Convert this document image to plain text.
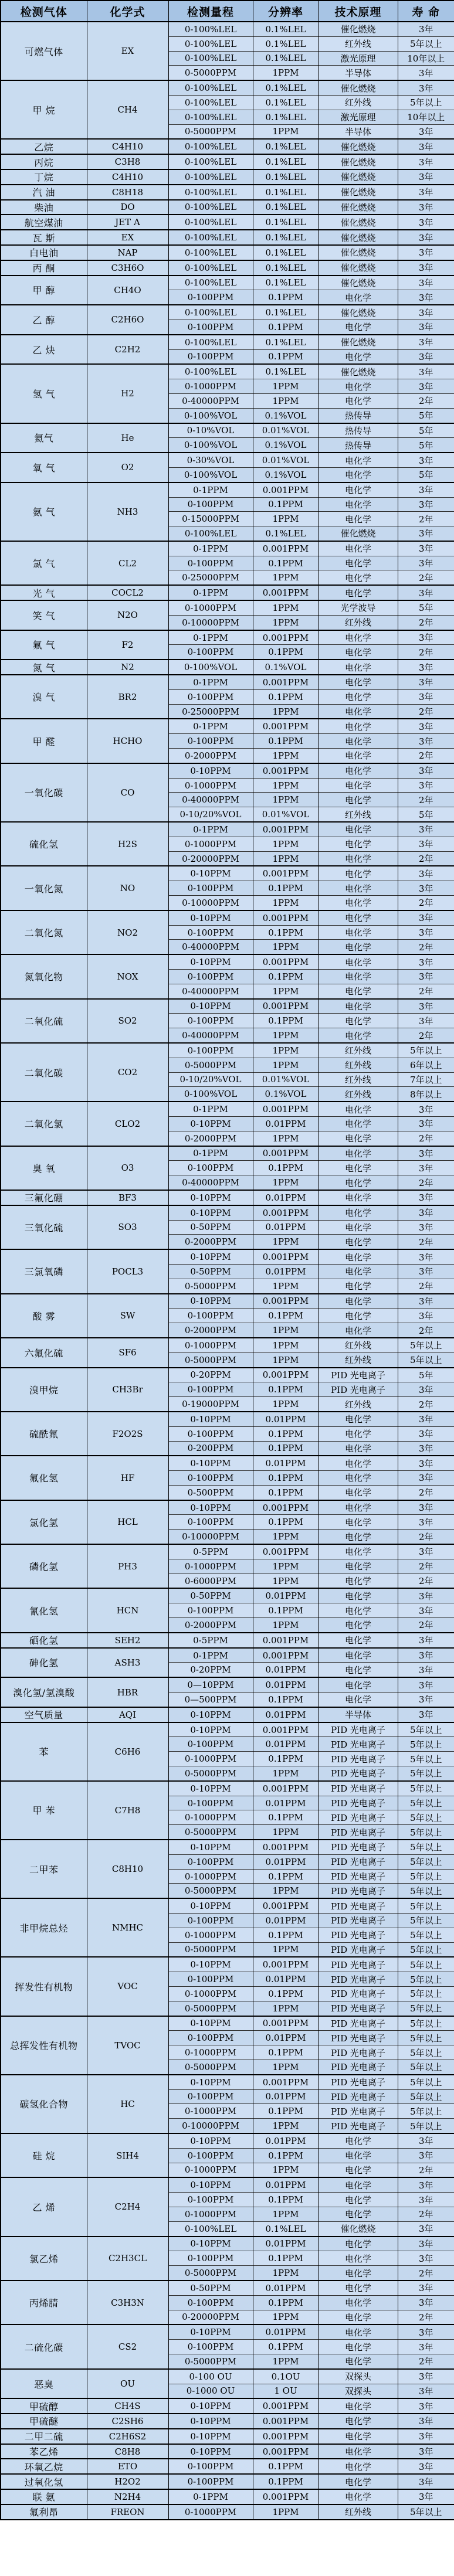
检测气体	化学式	检测量程	分辨率	技术原理	寿 命
可燃气体	EX	0-100%LEL	0.1%LEL	催化燃烧	3年
		0-100%LEL	0.1%LEL	红外线	5年以上
		0-100%LEL	0.1%LEL	激光原理	10年以上
		0-5000PPM	1PPM	半导体	3年
甲 烷	CH4	0-100%LEL	0.1%LEL	催化燃烧	3年
		0-100%LEL	0.1%LEL	红外线	5年以上
		0-100%LEL	0.1%LEL	激光原理	10年以上
		0-5000PPM	1PPM	半导体	3年
乙烷	C4H10	0-100%LEL	0.1%LEL	催化燃烧	3年
丙烷	C3H8	0-100%LEL	0.1%LEL	催化燃烧	3年
丁烷	C4H10	0-100%LEL	0.1%LEL	催化燃烧	3年
汽 油	C8H18	0-100%LEL	0.1%LEL	催化燃烧	3年
柴油	DO	0-100%LEL	0.1%LEL	催化燃烧	3年
航空煤油	JET A	0-100%LEL	0.1%LEL	催化燃烧	3年
瓦 斯	EX	0-100%LEL	0.1%LEL	催化燃烧	3年
白电油	NAP	0-100%LEL	0.1%LEL	催化燃烧	3年
丙 酮	C3H6O	0-100%LEL	0.1%LEL	催化燃烧	3年
甲 醇	CH4O	0-100%LEL	0.1%LEL	催化燃烧	3年
		0-100PPM	0.1PPM	电化学	3年
乙 醇	C2H6O	0-100%LEL	0.1%LEL	催化燃烧	3年
		0-100PPM	0.1PPM	电化学	3年
乙 炔	C2H2	0-100%LEL	0.1%LEL	催化燃烧	3年
		0-100PPM	0.1PPM	电化学	3年
氢 气	H2	0-100%LEL	0.1%LEL	催化燃烧	3年
		0-1000PPM	1PPM	电化学	3年
		0-40000PPM	1PPM	电化学	2年
		0-100%VOL	0.1%VOL	热传导	5年
氦气	He	0-10%VOL	0.01%VOL	热传导	5年
		0-100%VOL	0.1%VOL	热传导	5年
氧 气	O2	0-30%VOL	0.01%VOL	电化学	3年
		0-100%VOL	0.1%VOL	电化学	5年
氨 气	NH3	0-1PPM	0.001PPM	电化学	3年
		0-100PPM	0.1PPM	电化学	3年
		0-15000PPM	1PPM	电化学	2年
		0-100%LEL	0.1%LEL	催化燃烧	3年
氯 气	CL2	0-1PPM	0.001PPM	电化学	3年
		0-100PPM	0.1PPM	电化学	3年
		0-25000PPM	1PPM	电化学	2年
光 气	COCL2	0-1PPM	0.001PPM	电化学	3年
笑 气	N2O	0-1000PPM	1PPM	光学波导	5年
		0-10000PPM	1PPM	红外线	2年
氟 气	F2	0-1PPM	0.001PPM	电化学	3年
		0-100PPM	0.1PPM	电化学	2年
氮 气	N2	0-100%VOL	0.1%VOL	电化学	3年
溴 气	BR2	0-1PPM	0.001PPM	电化学	3年
		0-100PPM	0.1PPM	电化学	3年
		0-25000PPM	1PPM	电化学	2年
甲 醛	HCHO	0-1PPM	0.001PPM	电化学	3年
		0-100PPM	0.1PPM	电化学	3年
		0-2000PPM	1PPM	电化学	2年
一氧化碳	CO	0-10PPM	0.001PPM	电化学	3年
		0-1000PPM	1PPM	电化学	3年
		0-40000PPM	1PPM	电化学	2年
		0-10/20%VOL	0.01%VOL	红外线	5年
硫化氢	H2S	0-1PPM	0.001PPM	电化学	3年
		0-1000PPM	1PPM	电化学	3年
		0-20000PPM	1PPM	电化学	2年
一氧化氮	NO	0-10PPM	0.001PPM	电化学	3年
		0-100PPM	0.1PPM	电化学	3年
		0-10000PPM	1PPM	电化学	2年
二氧化氮	NO2	0-10PPM	0.001PPM	电化学	3年
		0-100PPM	0.1PPM	电化学	3年
		0-40000PPM	1PPM	电化学	2年
氮氧化物	NOX	0-10PPM	0.001PPM	电化学	3年
		0-100PPM	0.1PPM	电化学	3年
		0-40000PPM	1PPM	电化学	2年
二氧化硫	SO2	0-10PPM	0.001PPM	电化学	3年
		0-100PPM	0.1PPM	电化学	3年
		0-40000PPM	1PPM	电化学	2年
二氧化碳	CO2	0-100PPM	1PPM	红外线	5年以上
		0-5000PPM	1PPM	红外线	6年以上
		0-10/20%VOL	0.01%VOL	红外线	7年以上
		0-100%VOL	0.1%VOL	红外线	8年以上
二氧化氯	CLO2	0-1PPM	0.001PPM	电化学	3年
		0-10PPM	0.01PPM	电化学	3年
		0-2000PPM	1PPM	电化学	2年
臭 氧	O3	0-1PPM	0.001PPM	电化学	3年
		0-100PPM	0.1PPM	电化学	3年
		0-40000PPM	1PPM	电化学	2年
三氟化硼	BF3	0-10PPM	0.01PPM	电化学	3年
三氧化硫	SO3	0-10PPM	0.001PPM	电化学	3年
		0-50PPM	0.01PPM	电化学	3年
		0-2000PPM	1PPM	电化学	2年
三氯氧磷	POCL3	0-10PPM	0.001PPM	电化学	3年
		0-50PPM	0.01PPM	电化学	3年
		0-5000PPM	1PPM	电化学	2年
酸 雾	SW	0-10PPM	0.001PPM	电化学	3年
		0-100PPM	0.1PPM	电化学	3年
		0-2000PPM	1PPM	电化学	2年
六氟化硫	SF6	0-1000PPM	1PPM	红外线	5年以上
		0-5000PPM	1PPM	红外线	5年以上
溴甲烷	CH3Br	0-20PPM	0.001PPM	PID 光电离子	5年
		0-100PPM	0.1PPM	PID 光电离子	3年
		0-19000PPM	1PPM	红外线	2年
硫酰氟	F2O2S	0-10PPM	0.01PPM	电化学	3年
		0-100PPM	0.1PPM	电化学	3年
		0-200PPM	0.1PPM	电化学	3年
氟化氢	HF	0-10PPM	0.01PPM	电化学	3年
		0-100PPM	0.1PPM	电化学	3年
		0-500PPM	0.1PPM	电化学	2年
氯化氢	HCL	0-10PPM	0.001PPM	电化学	3年
		0-100PPM	0.1PPM	电化学	3年
		0-10000PPM	1PPM	电化学	2年
磷化氢	PH3	0-5PPM	0.001PPM	电化学	3年
		0-1000PPM	1PPM	电化学	2年
		0-6000PPM	1PPM	电化学	2年
氰化氢	HCN	0-50PPM	0.01PPM	电化学	3年
		0-100PPM	0.1PPM	电化学	3年
		0-2000PPM	1PPM	电化学	2年
硒化氢	SEH2	0-5PPM	0.001PPM	电化学	3年
砷化氢	ASH3	0-1PPM	0.001PPM	电化学	3年
		0-20PPM	0.01PPM	电化学	3年
溴化氢/氢溴酸	HBR	0—10PPM	0.01PPM	电化学	3年
		0—500PPM	0.1PPM	电化学	3年
空气质量	AQI	0-10PPM	0.01PPM	半导体	3年
苯	C6H6	0-10PPM	0.001PPM	PID 光电离子	5年以上
		0-100PPM	0.01PPM	PID 光电离子	5年以上
		0-1000PPM	0.1PPM	PID 光电离子	5年以上
		0-5000PPM	1PPM	PID 光电离子	5年以上
甲 苯	C7H8	0-10PPM	0.001PPM	PID 光电离子	5年以上
		0-100PPM	0.01PPM	PID 光电离子	5年以上
		0-1000PPM	0.1PPM	PID 光电离子	5年以上
		0-5000PPM	1PPM	PID 光电离子	5年以上
二甲苯	C8H10	0-10PPM	0.001PPM	PID 光电离子	5年以上
		0-100PPM	0.01PPM	PID 光电离子	5年以上
		0-1000PPM	0.1PPM	PID 光电离子	5年以上
		0-5000PPM	1PPM	PID 光电离子	5年以上
非甲烷总烃	NMHC	0-10PPM	0.001PPM	PID 光电离子	5年以上
		0-100PPM	0.01PPM	PID 光电离子	5年以上
		0-1000PPM	0.1PPM	PID 光电离子	5年以上
		0-5000PPM	1PPM	PID 光电离子	5年以上
挥发性有机物	VOC	0-10PPM	0.001PPM	PID 光电离子	5年以上
		0-100PPM	0.01PPM	PID 光电离子	5年以上
		0-1000PPM	0.1PPM	PID 光电离子	5年以上
		0-5000PPM	1PPM	PID 光电离子	5年以上
总挥发性有机物	TVOC	0-10PPM	0.001PPM	PID 光电离子	5年以上
		0-100PPM	0.01PPM	PID 光电离子	5年以上
		0-1000PPM	0.1PPM	PID 光电离子	5年以上
		0-5000PPM	1PPM	PID 光电离子	5年以上
碳氢化合物	HC	0-10PPM	0.001PPM	PID 光电离子	5年以上
		0-100PPM	0.01PPM	PID 光电离子	5年以上
		0-1000PPM	0.1PPM	PID 光电离子	5年以上
		0-10000PPM	1PPM	PID 光电离子	5年以上
硅 烷	SIH4	0-10PPM	0.01PPM	电化学	3年
		0-100PPM	0.1PPM	电化学	3年
		0-1000PPM	1PPM	电化学	2年
乙 烯	C2H4	0-10PPM	0.01PPM	电化学	3年
		0-100PPM	0.1PPM	电化学	3年
		0-1000PPM	1PPM	电化学	2年
		0-100%LEL	0.1%LEL	催化燃烧	3年
氯乙烯	C2H3CL	0-10PPM	0.01PPM	电化学	3年
		0-100PPM	0.1PPM	电化学	3年
		0-5000PPM	1PPM	电化学	2年
丙烯腈	C3H3N	0-50PPM	0.01PPM	电化学	3年
		0-100PPM	0.1PPM	电化学	3年
		0-20000PPM	1PPM	电化学	2年
二硫化碳	CS2	0-10PPM	0.01PPM	电化学	3年
		0-100PPM	0.1PPM	电化学	3年
		0-5000PPM	1PPM	电化学	2年
恶臭	OU	0-100 OU	0.1OU	双探头	3年
		0-1000 OU	1 OU	双探头	3年
甲硫醇	CH4S	0-10PPM	0.001PPM	电化学	3年
甲硫醚	C2SH6	0-10PPM	0.001PPM	电化学	3年
二甲二硫	C2H6S2	0-10PPM	0.001PPM	电化学	3年
苯乙烯	C8H8	0-10PPM	0.001PPM	电化学	3年
环氧乙烷	ETO	0-100PPM	0.1PPM	电化学	3年
过氧化氢	H2O2	0-100PPM	0.1PPM	电化学	3年
联 氨	N2H4	0-1PPM	0.001PPM	电化学	3年
氟利昂	FREON	0-1000PPM	1PPM	红外线	5年以上
